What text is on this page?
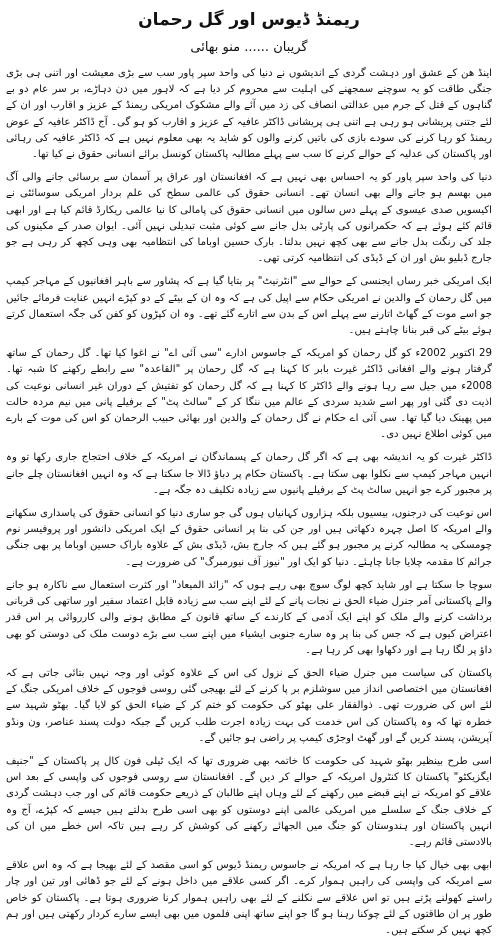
ریمنڈ ڈیوس اور گل رحمان
گریبان ...... منو بھائی

اینڈ ھن کے عشق اور دہشت گردی کے اندیشوں نے دنیا کی واحد سپر پاور سب سے بڑی معیشت اور اتنی ہی بڑی جنگی طاقت کو یہ سوچنے سمجھنے کی اہلیت سے محروم کر دیا ہے کہ لاہور میں دن دہاڑے، بر سر عام دو بے گناہوں کے قتل کے جرم میں عدالتی انصاف کی زد میں آئے والے مشکوک امریکی ریمنڈ کے عزیز و اقارب اور ان کے لئے جتنی پریشانی ہو رہی ہے اتنی ہی پریشانی ڈاکٹر عافیہ کے عزیز و اقارب کو ہو گی۔ آج ڈاکٹر عافیہ کے عوض ریمنڈ کو رہا کرنے کی سودے بازی کی باتیں کرنے والوں کو شاید یہ بھی معلوم نہیں ہے کہ ڈاکٹر عافیہ کی رہائی اور پاکستان کی عدلیہ کے حوالے کرنے کا سب سے پہلے مطالبہ پاکستان کونسل برائے انسانی حقوق نے کیا تھا۔

دنیا کی واحد سپر پاور کو یہ احساس بھی نہیں ہے کہ افغانستان اور عراق پر آسمان سے برسائی جانے والی آگ میں بھسم ہو جانے والے بھی انسان تھے۔ انسانی حقوق کی عالمی سطح کی علم بردار امریکی سوسائٹی نے اکیسویں صدی عیسوی کے پہلے دس سالوں میں انسانی حقوق کی پامالی کا نیا عالمی ریکارڈ قائم کیا ہے اور ابھی قائم کئے ہوئے ہے کہ حکمرانوں کی پارٹی بدل جانے سے کوئی مثبت تبدیلی نہیں آئی۔ ایوان صدر کے مکینوں کی جلد کی رنگت بدل جانے سے بھی کچھ نہیں بدلتا۔ بارک حسین اوباما کی انتظامیہ بھی وہی کچھ کر رہی ہے جو جارج ڈبلیو بش اور ان کے ڈیڈی کی انتظامیہ کرتی تھی۔

ایک امریکی خبر رساں ایجنسی کے حوالے سے "انٹرنیٹ" پر بتایا گیا ہے کہ پشاور سے باہر افغانیوں کے مہاجر کیمپ میں گل رحمان کے والدین نے امریکی حکام سے اپیل کی ہے کہ وہ ان کے بیٹے کے دو کپڑے انہیں عنایت فرمائے جائیں جو اسے موت کے گھاٹ اتارنے سے پہلے اس کے بدن سے اتارے گئے تھے۔ وہ ان کپڑوں کو کفن کی جگہ استعمال کرتے ہوئے بیٹے کی قبر بنانا چاہتے ہیں۔

29 اکتوبر 2002ء کو گل رحمان کو امریکہ کے جاسوس ادارے "سی آئی اے" نے اغوا کیا تھا۔ گل رحمان کے ساتھ گرفتار ہونے والے افغانی ڈاکٹر غیرت بابر کا کہنا ہے کہ گل رحمان پر "القاعدہ" سے رابطے رکھنے کا شبہ تھا۔ 2008ء میں جیل سے رہا ہونے والے ڈاکٹر کا کہنا ہے کہ گل رحمان کو تفتیش کے دوران غیر انسانی نوعیت کی اذیت دی گئی اور پھر اسے شدید سردی کے عالم میں ننگا کر کے "سالٹ پٹ" کے برفیلے پانی میں نیم مردہ حالت میں پھینک دیا گیا تھا۔ سی آئی اے حکام نے گل رحمان کے والدین اور بھائی حبیب الرحمان کو اس کی موت کے بارے میں کوئی اطلاع نہیں دی۔

ڈاکٹر غیرت کو یہ اندیشہ بھی ہے کہ اگر گل رحمان کے پسماندگان نے امریکہ کے خلاف احتجاج جاری رکھا تو وہ انہیں مہاجر کیمپ سے نکلوا بھی سکتا ہے۔ پاکستان حکام پر دباؤ ڈالا جا سکتا ہے کہ وہ انہیں افغانستان چلے جانے پر مجبور کرے جو انہیں سالٹ پٹ کے برفیلے پانیوں سے زیادہ تکلیف دہ جگہ ہے۔

اس نوعیت کی درجنوں، بیسیوں بلکہ ہزاروں کہانیاں ہوں گی جو ساری دنیا کو انسانی حقوق کی پاسداری سکھانے والے امریکہ کا اصل چہرہ دکھاتی ہیں اور جن کی بنا پر انسانی حقوق کے ایک امریکی دانشور اور پروفیسر نوم چومسکی یہ مطالبہ کرنے پر مجبور ہو گئے ہیں کہ جارج بش، ڈیڈی بش کے علاوہ باراک حسین اوباما پر بھی جنگی جرائم کا مقدمہ چلایا جانا چاہئے۔ دنیا کو ایک اور "نیوز آف نیورمبرگ" کی ضرورت ہے۔

سوچا جا سکتا ہے اور شاید کچھ لوگ سوچ بھی رہے ہوں کہ "زائد المیعاد" اور کثرت استعمال سے ناکارہ ہو جانے والے پاکستانی آمر جنرل ضیاء الحق نے نجات پانے کے لئے اپنے سب سے زیادہ قابل اعتماد سفیر اور ساتھی کی قربانی برداشت کرنے والے ملک کو اپنے ایک آدمی کے کارندے کے ساتھ قانون کے مطابق ہونے والی کارروائی پر اس قدر اعتراض کیوں ہے کہ جس کی بنا پر وہ سارے جنوبی ایشیاء میں اپنے سب سے بڑے دوست ملک کی دوستی کو بھی داؤ پر لگا رہا ہے اور دکھاوا بھی کر رہا ہے۔

پاکستان کی سیاست میں جنرل ضیاء الحق کے نزول کی اس کے علاوہ کوئی اور وجہ نہیں بتائی جاتی ہے کہ افغانستان میں اختصاصی انداز میں سوشلزم بر پا کرنے کے لئے بھیجی گئی روسی فوجوں کے خلاف امریکی جنگ کے لئے اس کی ضرورت تھی۔ ذوالفقار علی بھٹو کی حکومت کو ختم کر کے ضیاء الحق کو لایا گیا۔ بھٹو شہید سے خطرہ تھا کہ وہ پاکستان کی اس خدمت کی بہت زیادہ اجرت طلب کریں گے جبکہ دولت پسند عناصر، ون ونڈو آپریشن، پسند کریں گے اور گھٹ اوجڑی کیمپ پر راضی ہو جائیں گے۔

اسی طرح بینظیر بھٹو شہید کی حکومت کا خاتمہ بھی ضروری تھا کہ ایک ٹیلی فون کال پر پاکستان کے "جنیف ایگزیکٹو" پاکستان کا کنٹرول امریکہ کے حوالے کر دیں گے۔ افغانستان سے روسی فوجوں کی واپسی کے بعد اس علاقے کو امریکہ نے اپنے قبضے میں رکھنے کے لئے وہاں اپنے طالبان کے ذریعے حکومت قائم کی اور جب دہشت گردی کے خلاف جنگ کے سلسلے میں امریکی عالمی اپنے دوستوں کو بھی اسی طرح بدلتے ہیں جیسے کہ کپڑے، آج وہ انہیں پاکستان اور ہندوستان کو جنگ میں الجھائے رکھنے کی کوشش کر رہے ہیں تاکہ اس خطے میں ان کی بالادستی قائم رہے۔

ابھی بھی خیال کیا جا رہا ہے کہ امریکہ نے جاسوس ریمنڈ ڈیوس کو اسی مقصد کے لئے بھیجا ہے کہ وہ اس علاقے سے امریکہ کی واپسی کی راہیں ہموار کرے۔ اگر کسی علاقے میں داخل ہونے کے لئے جو ڈھائی اور تین اور چار راستے کھولنے پڑتے ہیں تو اس علاقے سے نکلنے کے لئے بھی راہیں ہموار کرنا ضروری ہوتا ہے۔ پاکستان کو خاص طور پر ان طاقتوں کے لئے چوکنا رہنا ہو گا جو اپنے ساتھ اپنی فلموں میں بھی ایسے سارے کردار رکھتی ہیں اور ہم کچھ نہیں کر سکتے ہیں۔
